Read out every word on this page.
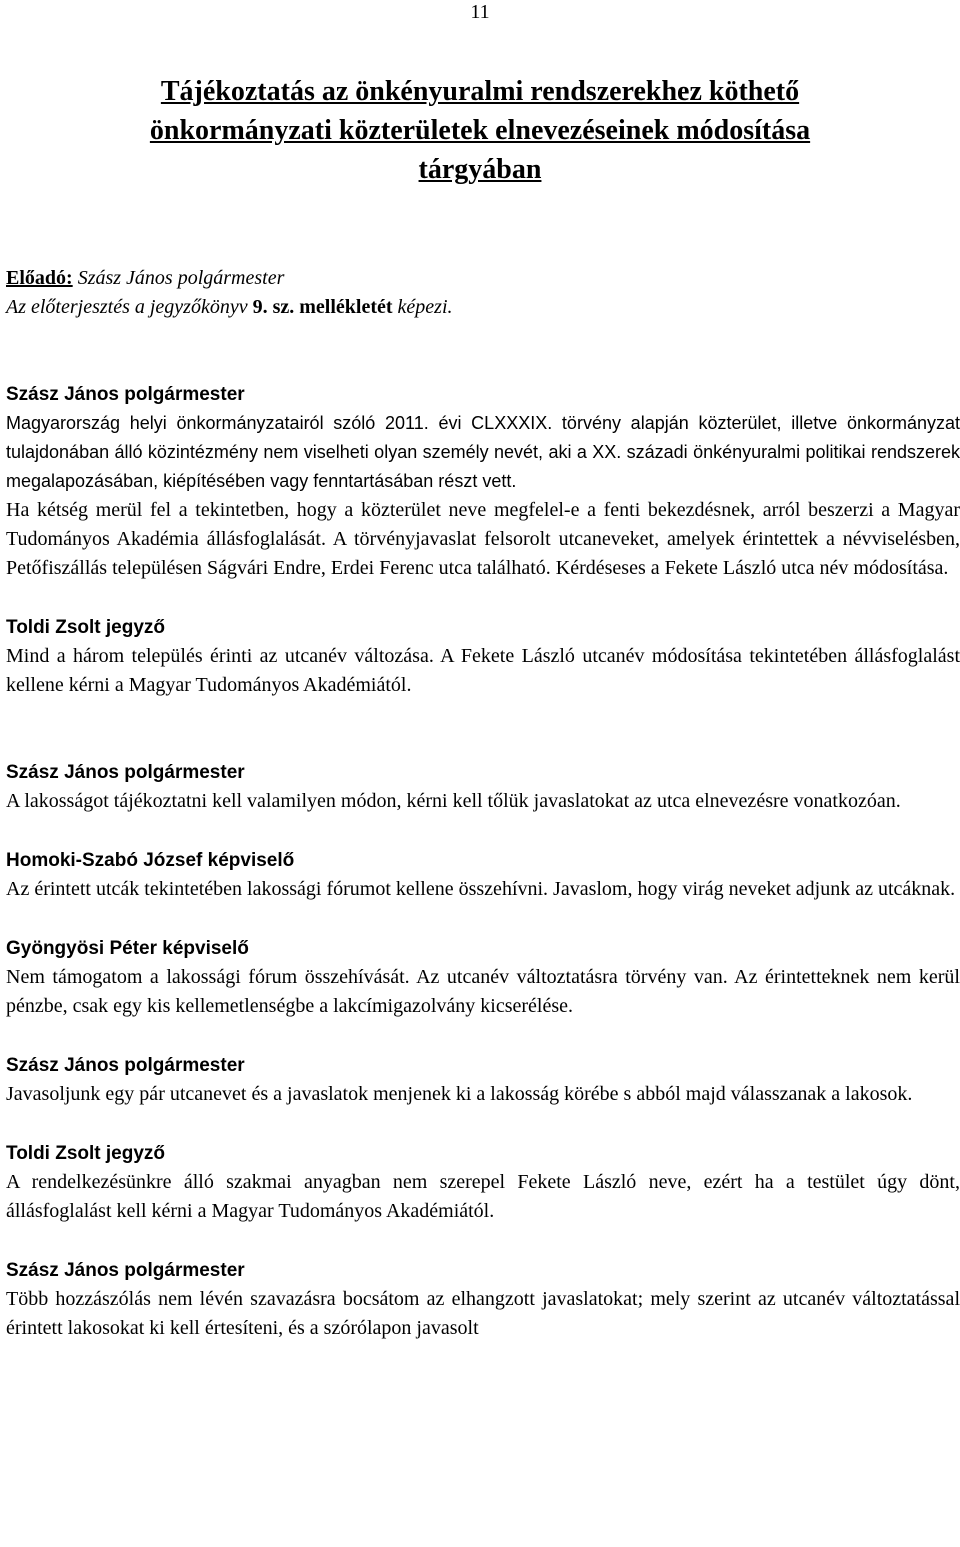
11
Tájékoztatás az önkényuralmi rendszerekhez köthető
önkormányzati közterületek elnevezéseinek módosítása
tárgyában
Előadó: Szász János polgármester
Az előterjesztés a jegyzőkönyv 9. sz. mellékletét képezi.
Szász János polgármester

Magyarország helyi önkormányzatairól szóló 2011. évi CLXXXIX. törvény alapján közterület, illetve önkormányzat tulajdonában álló közintézmény nem viselheti olyan személy nevét, aki a XX. századi önkényuralmi politikai rendszerek megalapozásában, kiépítésében vagy fenntartásában részt vett.

Ha kétség merül fel a tekintetben, hogy a közterület neve megfelel-e a fenti bekezdésnek, arról beszerzi a Magyar Tudományos Akadémia állásfoglalását. A törvényjavaslat felsorolt utcaneveket, amelyek érintettek a névviselésben, Petőfiszállás településen Ságvári Endre, Erdei Ferenc utca található. Kérdéseses a Fekete László utca név módosítása.

Toldi Zsolt jegyző

Mind a három település érinti az utcanév változása. A Fekete László utcanév módosítása tekintetében állásfoglalást kellene kérni a Magyar Tudományos Akadémiától.

Szász János polgármester

A lakosságot tájékoztatni kell valamilyen módon, kérni kell tőlük javaslatokat az utca elnevezésre vonatkozóan.

Homoki-Szabó József képviselő

Az érintett utcák tekintetében lakossági fórumot kellene összehívni. Javaslom, hogy virág neveket adjunk az utcáknak.

Gyöngyösi Péter képviselő

Nem támogatom a lakossági fórum összehívását. Az utcanév változtatásra törvény van. Az érintetteknek nem kerül pénzbe, csak egy kis kellemetlenségbe a lakcímigazolvány kicserélése.

Szász János polgármester

Javasoljunk egy pár utcanevet és a javaslatok menjenek ki a lakosság körébe s abból majd válasszanak a lakosok.

Toldi Zsolt jegyző

A rendelkezésünkre álló szakmai anyagban nem szerepel Fekete László neve, ezért ha a testület úgy dönt, állásfoglalást kell kérni a Magyar Tudományos Akadémiától.

Szász János polgármester

Több hozzászólás nem lévén szavazásra bocsátom az elhangzott javaslatokat; mely szerint az utcanév változtatással érintett lakosokat ki kell értesíteni, és a szórólapon javasolt
